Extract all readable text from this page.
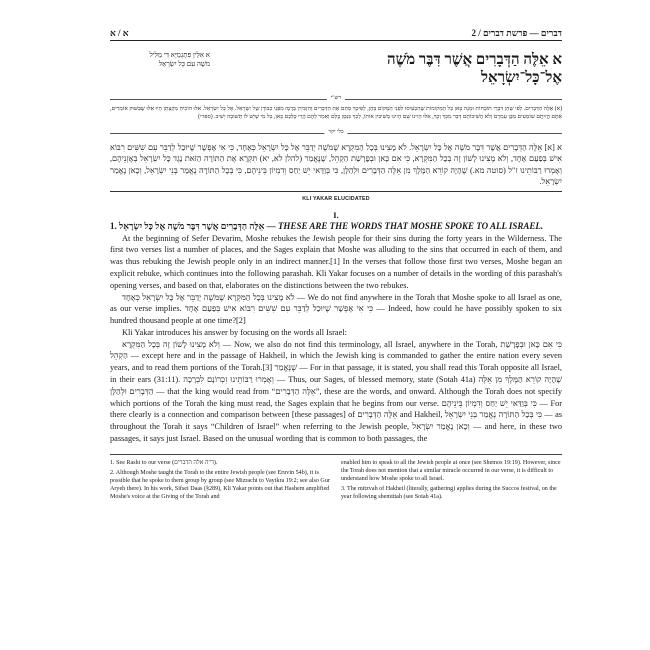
א / א	דברים — פרשת דברים / 2
א אִלֵּין פִּתְגָמַיָּא דִּי מַלִּיל
מֹשֶׁה עִם כָּל יִשְׂרָאֵל	א אֵלֶּה הַדְּבָרִים אֲשֶׁר דִּבֶּר מֹשֶׁה אֶל־כָּל־יִשְׂרָאֵל
רש"י
(א) אֵלֶּה הַדְּבָרִים. לְפִי שֶׁהֵן דִּבְרֵי תּוֹכָחוֹת וּמָנָה כָּאן כָּל הַמְּקוֹמוֹת שֶׁהִכְעִיסוּ לִפְנֵי הַמָּקוֹם בָּהֶן, לְפִיכָךְ סָתַם אֶת הַדְּבָרִים וְהִזְכִּירָן בְּרֶמֶז מִפְּנֵי כְבוֹדָן שֶׁל יִשְׂרָאֵל. אֶל כָּל יִשְׂרָאֵל. אִלּוּ הוֹכִיחַ מִקְצָתָן הָיוּ אֵלּוּ שֶׁבַּשּׁוּק אוֹמְרִים, אַתֶּם הֱיִיתֶם שׁוֹמְעִים מִבֶּן עַמְרָם וְלֹא הֲשִׁיבוֹתֶם דָּבָר מִכָּךְ וְכָךְ, אִלּוּ הָיִינוּ שָׁם הָיִינוּ מְשִׁיבִין אוֹתוֹ, לְכָךְ כִּנְּסָן כֻּלָּם וְאָמַר לָהֶם הֲרֵי כֻּלְּכֶם כָּאן, כָּל מִי שֶׁיֵּשׁ לוֹ תְּשׁוּבָה יָשִׁיב. (ספרי)
כלי יקר
א [א] אֵלֶּה הַדְּבָרִים אֲשֶׁר דִּבֶּר מֹשֶׁה אֶל כָּל יִשְׂרָאֵל. לֹא מָצִינוּ בְּכָל הַמִּקְרָא שֶׁמֹּשֶׁה יְדַבֵּר אֶל כָּל יִשְׂרָאֵל כְּאֶחָד, כִּי אִי אֶפְשָׁר שֶׁיּוּכַל לְדַבֵּר עִם שִׁשִּׁים רִבּוֹא אִישׁ בְּפַעַם אֶחָד, וְלֹא מָצִינוּ לָשׁוֹן זֶה בְּכָל הַמִּקְרָא, כִּי אִם כָּאן וּבְפָרָשַׁת הַקְהֵל, שֶׁנֶּאֱמַר (להלן לא, יא) תִּקְרָא אֶת הַתּוֹרָה הַזֹּאת נֶגֶד כָּל יִשְׂרָאֵל בְּאָזְנֵיהֶם, וְאָמְרוּ רַבּוֹתֵינוּ ז"ל (סוטה מא.) שֶׁהָיָה קוֹרֵא הַמֶּלֶךְ מִן אֵלֶּה הַדְּבָרִים וּלְהַלָּן, כִּי בְּוַדַּאי יֵשׁ יַחַס וְדִמְיוֹן בֵּינֵיהֶם, כִּי בְּכָל הַתּוֹרָה נֶאֱמַר בְּנֵי יִשְׂרָאֵל, וְכָאן נֶאֱמַר יִשְׂרָאֵל.
$^{KLI YAKAR ELUCIDATED}$
I.

1. אֵלֶּה הַדְּבָרִים אֲשֶׁר דִּבֶּר מֹשֶׁה אֶל כָּל יִשְׂרָאֵל — THESE ARE THE WORDS THAT MOSHE SPOKE TO ALL ISRAEL.

At the beginning of Sefer Devarim, Moshe rebukes the Jewish people for their sins during the forty years in the Wilderness. The first two verses list a number of places, and the Sages explain that Moshe was alluding to the sins that occurred in each of them, and was thus rebuking the Jewish people only in an indirect manner.[1] In the verses that follow those first two verses, Moshe began an explicit rebuke, which continues into the following parashah. Kli Yakar focuses on a number of details in the wording of this parashah's opening verses, and based on that, elaborates on the distinctions between the two rebukes.

לֹא מָצִינוּ בְּכָל הַמִּקְרָא שֶׁמֹּשֶׁה יְדַבֵּר אֶל כָּל יִשְׂרָאֵל כְּאֶחָד — We do not find anywhere in the Torah that Moshe spoke to all Israel as one, as our verse implies. כִּי אִי אֶפְשָׁר שֶׁיּוּכַל לְדַבֵּר עִם שִׁשִּׁים רִבּוֹא אִישׁ בְּפַעַם אֶחָד — Indeed, how could he have possibly spoken to six hundred thousand people at one time?[2]

Kli Yakar introduces his answer by focusing on the words all Israel:

וְלֹא מָצִינוּ לָשׁוֹן זֶה בְּכָל הַמִּקְרָא — Now, we also do not find this terminology, all Israel, anywhere in the Torah, כִּי אִם כָּאן וּבְפָרָשַׁת הַקְהֵל — except here and in the passage of Hakheil, in which the Jewish king is commanded to gather the entire nation every seven years, and to read them portions of the Torah.[3] שֶׁנֶּאֱמַר — For in that passage, it is stated, you shall read this Torah opposite all Israel, in their ears (31:11). וְאָמְרוּ רַבּוֹתֵינוּ זִכְרוֹנָם לִבְרָכָה — Thus, our Sages, of blessed memory, state (Sotah 41a) שֶׁהָיָה קוֹרֵא הַמֶּלֶךְ מִן אֵלֶּה הַדְּבָרִים וּלְהַלָּן — that the king would read from “אֵלֶּה הַדְּבָרִים”, these are the words, and onward. Although the Torah does not specify which portions of the Torah the king must read, the Sages explain that he begins from our verse. כִּי בְּוַדַּאי יֵשׁ יַחַס וְדִמְיוֹן בֵּינֵיהֶם — For there clearly is a connection and comparison between [these passages] of אֵלֶּה הַדְּבָרִים and Hakheil, כִּי בְּכָל הַתּוֹרָה נֶאֱמַר בְּנֵי יִשְׂרָאֵל — as throughout the Torah it says “Children of Israel” when referring to the Jewish people, וְכָאן נֶאֱמַר יִשְׂרָאֵל — and here, in these two passages, it says just Israel. Based on the unusual wording that is common to both passages, the

1. See Rashi to our verse (ד"ה אלה הדברים).

2. Although Moshe taught the Torah to the entire Jewish people (see Eruvin 54b), it is possible that he spoke to them group by group (see Mizrachi to Vayikra 19:2; see also Gur Aryeh there). In his work, Sifsei Daas (§289), Kli Yakar points out that Hashem amplified Moshe's voice at the Giving of the Torah and

enabled him to speak to all the Jewish people at once (see Shemos 19:19). However, since the Torah does not mention that a similar miracle occurred in our verse, it is difficult to understand how Moshe spoke to all Israel.

3. The mitzvah of Hakheil (literally, gathering) applies during the Succos festival, on the year following shemittah (see Sotah 41a).
